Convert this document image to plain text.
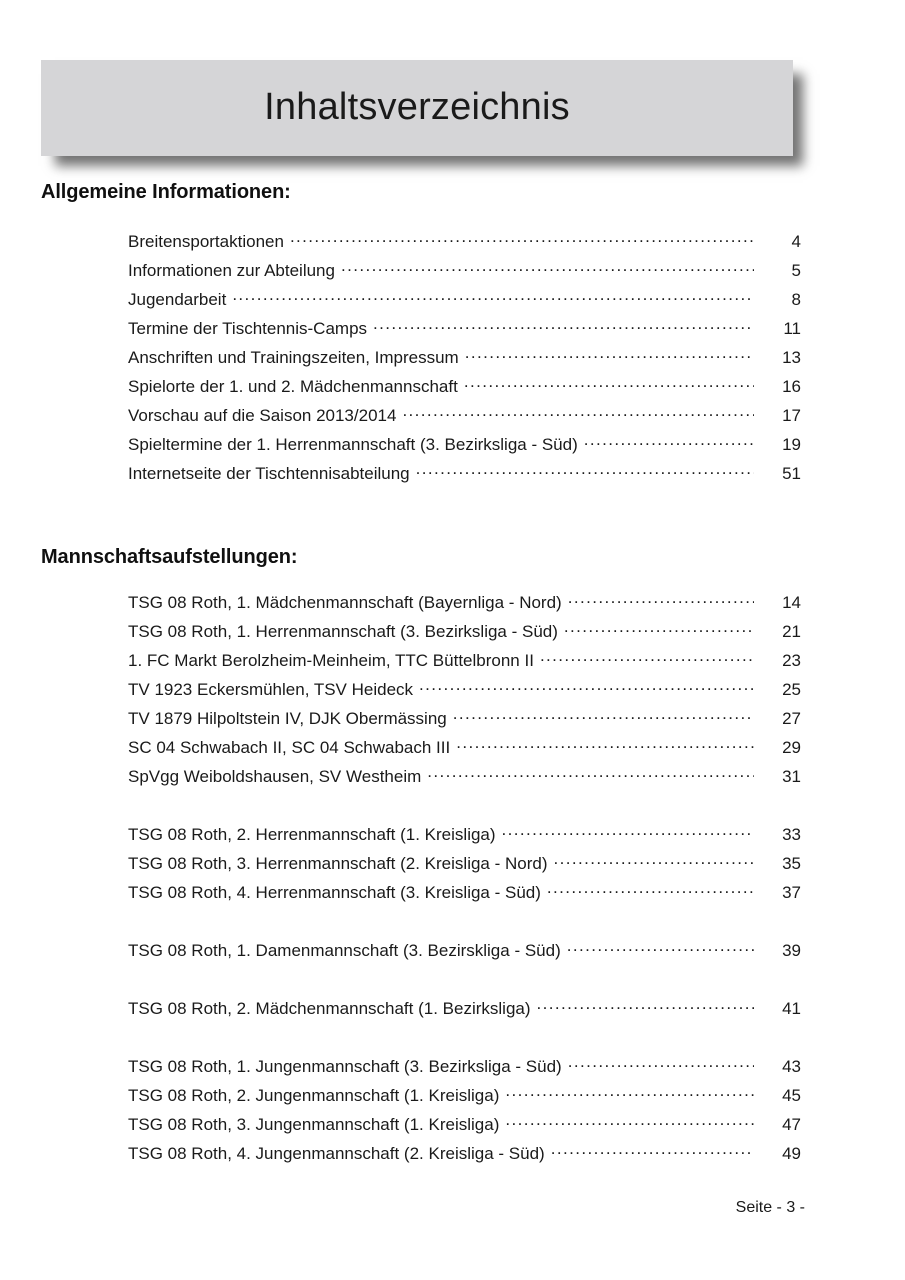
Inhaltsverzeichnis
Allgemeine Informationen:
Breitensportaktionen .....	4
Informationen zur Abteilung .....	5
Jugendarbeit .....	8
Termine der Tischtennis-Camps .....	11
Anschriften und Trainingszeiten, Impressum .....	13
Spielorte der 1. und 2. Mädchenmannschaft .....	16
Vorschau auf die Saison 2013/2014 .....	17
Spieltermine der 1. Herrenmannschaft (3. Bezirksliga - Süd) .....	19
Internetseite der Tischtennisabteilung .....	51
Mannschaftsaufstellungen:
TSG 08 Roth, 1. Mädchenmannschaft (Bayernliga - Nord) .....	14
TSG 08 Roth, 1. Herrenmannschaft (3. Bezirksliga - Süd) .....	21
1. FC Markt Berolzheim-Meinheim, TTC Büttelbronn II .....	23
TV 1923 Eckersmühlen, TSV Heideck .....	25
TV 1879 Hilpoltstein IV, DJK Obermässing .....	27
SC 04 Schwabach II, SC 04 Schwabach III .....	29
SpVgg Weiboldshausen, SV Westheim .....	31
TSG 08 Roth, 2. Herrenmannschaft (1. Kreisliga) .....	33
TSG 08 Roth, 3. Herrenmannschaft (2. Kreisliga - Nord) .....	35
TSG 08 Roth, 4. Herrenmannschaft (3. Kreisliga - Süd) .....	37
TSG 08 Roth, 1. Damenmannschaft (3. Bezirskliga - Süd) .....	39
TSG 08 Roth, 2. Mädchenmannschaft (1. Bezirksliga) .....	41
TSG 08 Roth, 1. Jungenmannschaft (3. Bezirksliga - Süd) .....	43
TSG 08 Roth, 2. Jungenmannschaft (1. Kreisliga) .....	45
TSG 08 Roth, 3. Jungenmannschaft (1. Kreisliga) .....	47
TSG 08 Roth, 4. Jungenmannschaft (2. Kreisliga - Süd) .....	49
Seite - 3 -
